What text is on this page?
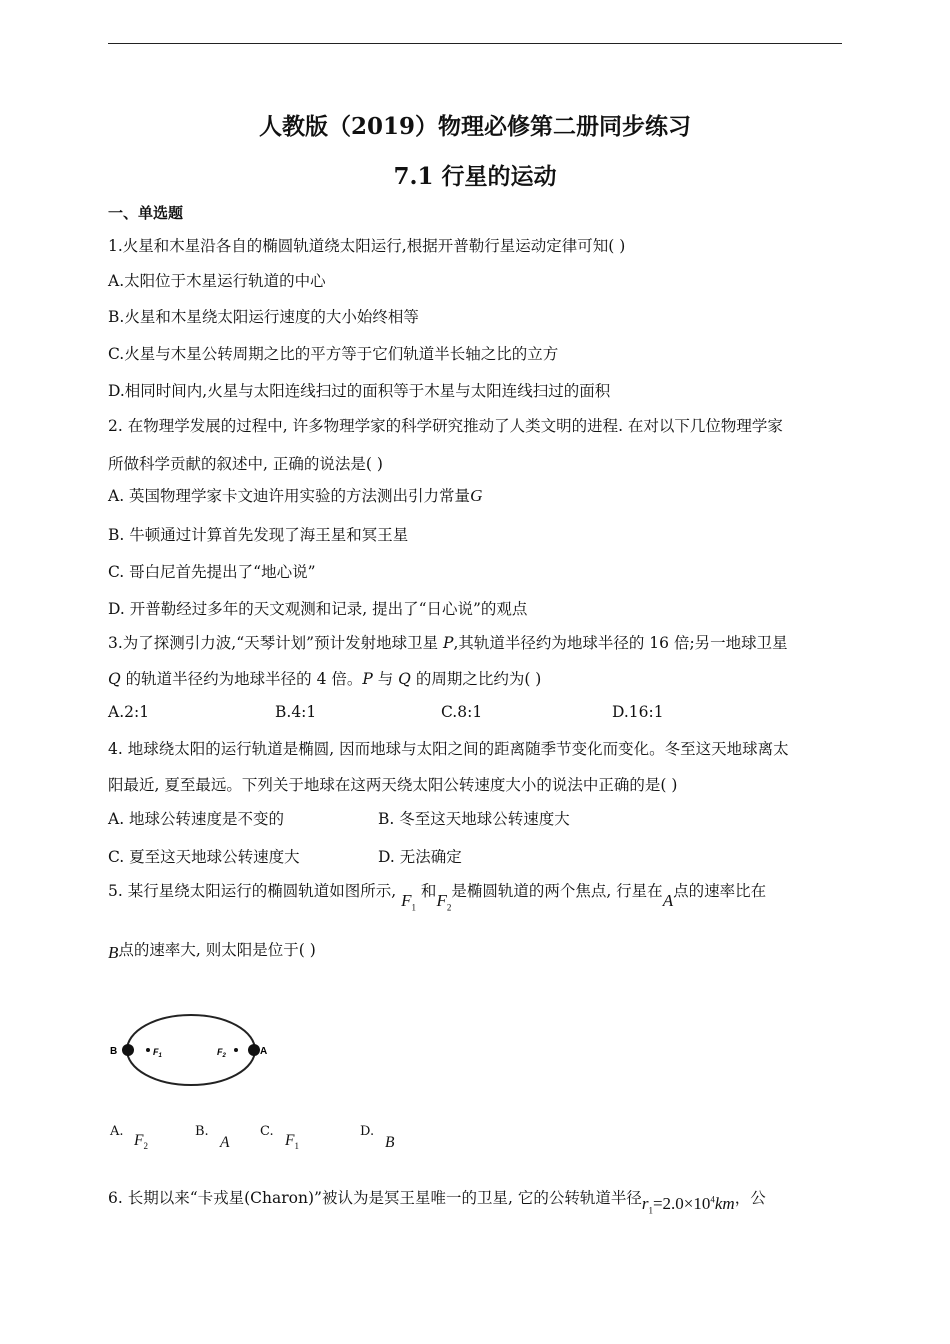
人教版（2019）物理必修第二册同步练习
7.1 行星的运动
一、单选题
1.火星和木星沿各自的椭圆轨道绕太阳运行,根据开普勒行星运动定律可知( )
A.太阳位于木星运行轨道的中心
B.火星和木星绕太阳运行速度的大小始终相等
C.火星与木星公转周期之比的平方等于它们轨道半长轴之比的立方
D.相同时间内,火星与太阳连线扫过的面积等于木星与太阳连线扫过的面积
2. 在物理学发展的过程中, 许多物理学家的科学研究推动了人类文明的进程. 在对以下几位物理学家
所做科学贡献的叙述中, 正确的说法是( )
A. 英国物理学家卡文迪许用实验的方法测出引力常量G
B. 牛顿通过计算首先发现了海王星和冥王星
C. 哥白尼首先提出了“地心说”
D. 开普勒经过多年的天文观测和记录, 提出了“日心说”的观点
3.为了探测引力波,“天琴计划”预计发射地球卫星 P,其轨道半径约为地球半径的 16 倍;另一地球卫星
Q 的轨道半径约为地球半径的 4 倍。P 与 Q 的周期之比约为( )
A.2:1	B.4:1	C.8:1	D.16:1
4. 地球绕太阳的运行轨道是椭圆, 因而地球与太阳之间的距离随季节变化而变化。冬至这天地球离太
阳最近, 夏至最远。下列关于地球在这两天绕太阳公转速度大小的说法中正确的是( )
A. 地球公转速度是不变的	B. 冬至这天地球公转速度大
C. 夏至这天地球公转速度大	D. 无法确定
5. 某行星绕太阳运行的椭圆轨道如图所示, $F_1$ 和$F_2$是椭圆轨道的两个焦点, 行星在A点的速率比在
B点的速率大, 则太阳是位于( )
B	$F_1$	$F_2$	A
A.
$F_2$
B.
A
C.
$F_1$
D.
B
6. 长期以来“卡戎星(Charon)”被认为是冥王星唯一的卫星, 它的公转轨道半径$r_1=2.0\times 10^4km$，公
